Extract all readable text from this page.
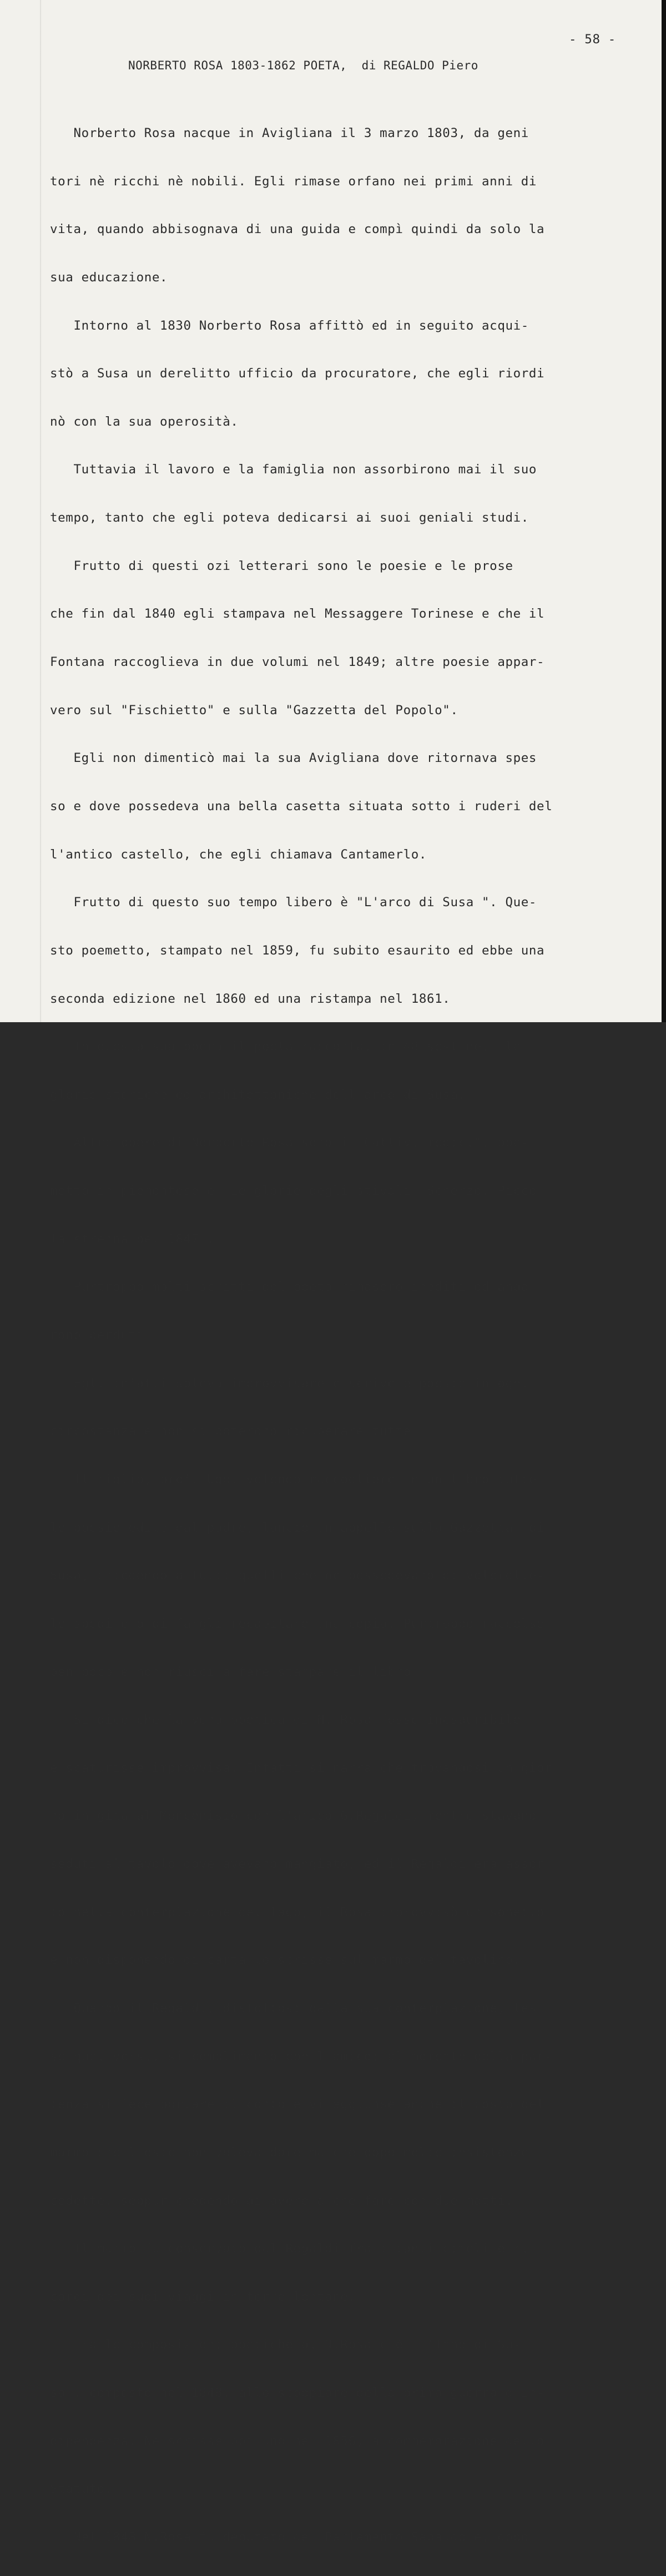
- 58 -
NORBERTO ROSA 1803-1862 POETA,  di REGALDO Piero

Norberto Rosa nacque in Avigliana il 3 marzo 1803, da geni

tori nè ricchi nè nobili. Egli rimase orfano nei primi anni di

vita, quando abbisognava di una guida e compì quindi da solo la

sua educazione.

Intorno al 1830 Norberto Rosa affittò ed in seguito acqui-

stò a Susa un derelitto ufficio da procuratore, che egli riordi

nò con la sua operosità.

Tuttavia il lavoro e la famiglia non assorbirono mai il suo

tempo, tanto che egli poteva dedicarsi ai suoi geniali studi.

Frutto di questi ozi letterari sono le poesie e le prose

che fin dal 1840 egli stampava nel Messaggere Torinese e che il

Fontana raccoglieva in due volumi nel 1849; altre poesie appar-

vero sul "Fischietto" e sulla "Gazzetta del Popolo".

Egli non dimenticò mai la sua Avigliana dove ritornava spes

so e dove possedeva una bella casetta situata sotto i ruderi del

l'antico castello, che egli chiamava Cantamerlo.

Frutto di questo suo tempo libero è "L'arco di Susa ". Que-

sto poemetto, stampato nel 1859, fu subito esaurito ed ebbe una

seconda edizione nel 1860 ed una ristampa nel 1861.

In questa sua opera il poeta racconta, in 48 sestine,  le

glorie storiche ed architettoniche dell'arco di Susa.

Altre opere di Norberto Rosa sono i "Cattivi medici", poe-

metto in piemontese e "Le glorie degli stivali. Scherzo. Picco-

la strenna pel 1847".

Purtroppo molti scritti del poeta rimasero inediti od anda

rono perduti.

Egli infatti soleva improvvisare e scrivere poesie in ogni

circostanza e non si poterono ricuperare tutte.

Il figlio, prof. Ugo, volendo raccogliere in un libro tutte

le poesie edite dal padre, lanciò un appello sulla Gazzetta  di

Susa, chiedendo a tutti quelli che ne possedevano di volerglie-

le spedire o di fargli recapitare una copia. Purtroppo raccolse

ben poco e non riuscì a fare stampare il libro.

Si dice che la vena poetica di N. Rosa fosse inesauribile

e scaturisse improvvisa. Infatti si narra che trovandosi un gior

no in gita al Moncenisio con l'amico G.Regaldi, mentre stavano

seduti al tavolo dove avevano mangiato, ed il Regaldi era assor-

to nella contemplazione del lago, il Rosa improvvisò un sonetto

e non disponendo di carta lo scrisse sul marmo del tavolino.

Quando il Regaldi, distoltosi dalla sua contemplazione, les

se quei versi, si complimentò con l'amico; al momento della par-

tenza si fece portare il conto e vi aggiunse anche il costo del

marmo che l'oste non voleva dare ma che dopo molte insistenze

cedette, seppur credendo di avere a che fare con due matti.

Il marmo fu conservato dal Regaldi fra i tanti cimeli e ri

cordi dei suoi viaggi in terre lontane.

Fra le composizioni poetiche di N.Rosa c'è "L'Inno di Su-

sa", composto nel 1848, allo scoppiare della prima guerra d'In-

dipendenza. Ne scrisse poi uno nel 1856, a commemorazione dello

Statuto.

Nel 1848 N.Rosa fu deputato del Parlamento Sabaudo e, dopo
